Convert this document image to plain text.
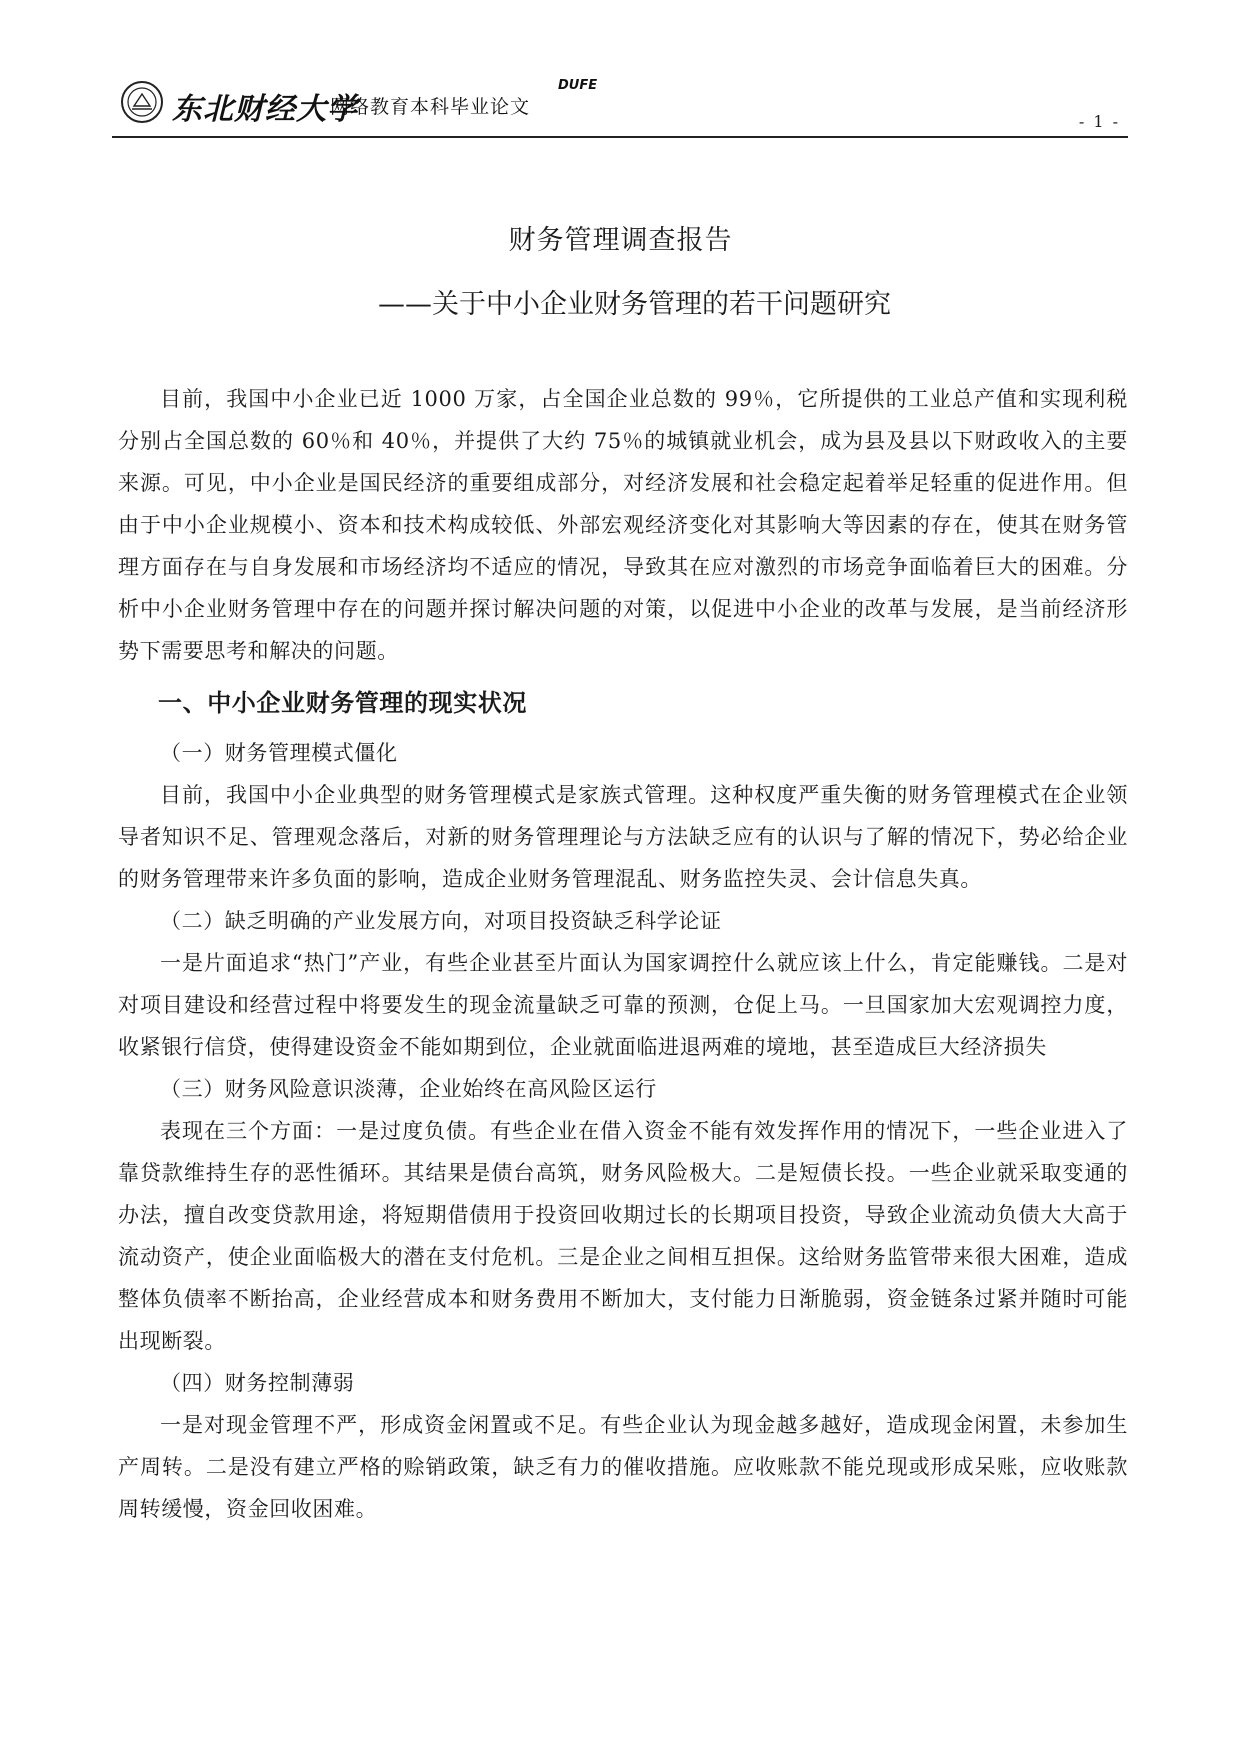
东北财经大学
网络教育本科毕业论文
DUFE
- 1 -
财务管理调查报告
——关于中小企业财务管理的若干问题研究

目前，我国中小企业已近 1000 万家，占全国企业总数的 99％，它所提供的工业总产值和实现利税分别占全国总数的 60％和 40％，并提供了大约 75％的城镇就业机会，成为县及县以下财政收入的主要来源。可见，中小企业是国民经济的重要组成部分，对经济发展和社会稳定起着举足轻重的促进作用。但由于中小企业规模小、资本和技术构成较低、外部宏观经济变化对其影响大等因素的存在，使其在财务管理方面存在与自身发展和市场经济均不适应的情况，导致其在应对激烈的市场竞争面临着巨大的困难。分析中小企业财务管理中存在的问题并探讨解决问题的对策，以促进中小企业的改革与发展，是当前经济形势下需要思考和解决的问题。

一、中小企业财务管理的现实状况

（一）财务管理模式僵化

目前，我国中小企业典型的财务管理模式是家族式管理。这种权度严重失衡的财务管理模式在企业领导者知识不足、管理观念落后，对新的财务管理理论与方法缺乏应有的认识与了解的情况下，势必给企业的财务管理带来许多负面的影响，造成企业财务管理混乱、财务监控失灵、会计信息失真。

（二）缺乏明确的产业发展方向，对项目投资缺乏科学论证

一是片面追求“热门”产业，有些企业甚至片面认为国家调控什么就应该上什么，肯定能赚钱。二是对对项目建设和经营过程中将要发生的现金流量缺乏可靠的预测，仓促上马。一旦国家加大宏观调控力度，收紧银行信贷，使得建设资金不能如期到位，企业就面临进退两难的境地，甚至造成巨大经济损失

（三）财务风险意识淡薄，企业始终在高风险区运行

表现在三个方面：一是过度负债。有些企业在借入资金不能有效发挥作用的情况下，一些企业进入了靠贷款维持生存的恶性循环。其结果是债台高筑，财务风险极大。二是短债长投。一些企业就采取变通的办法，擅自改变贷款用途，将短期借债用于投资回收期过长的长期项目投资，导致企业流动负债大大高于流动资产，使企业面临极大的潜在支付危机。三是企业之间相互担保。这给财务监管带来很大困难，造成整体负债率不断抬高，企业经营成本和财务费用不断加大，支付能力日渐脆弱，资金链条过紧并随时可能出现断裂。

（四）财务控制薄弱

一是对现金管理不严，形成资金闲置或不足。有些企业认为现金越多越好，造成现金闲置，未参加生产周转。二是没有建立严格的赊销政策，缺乏有力的催收措施。应收账款不能兑现或形成呆账，应收账款周转缓慢，资金回收困难。
